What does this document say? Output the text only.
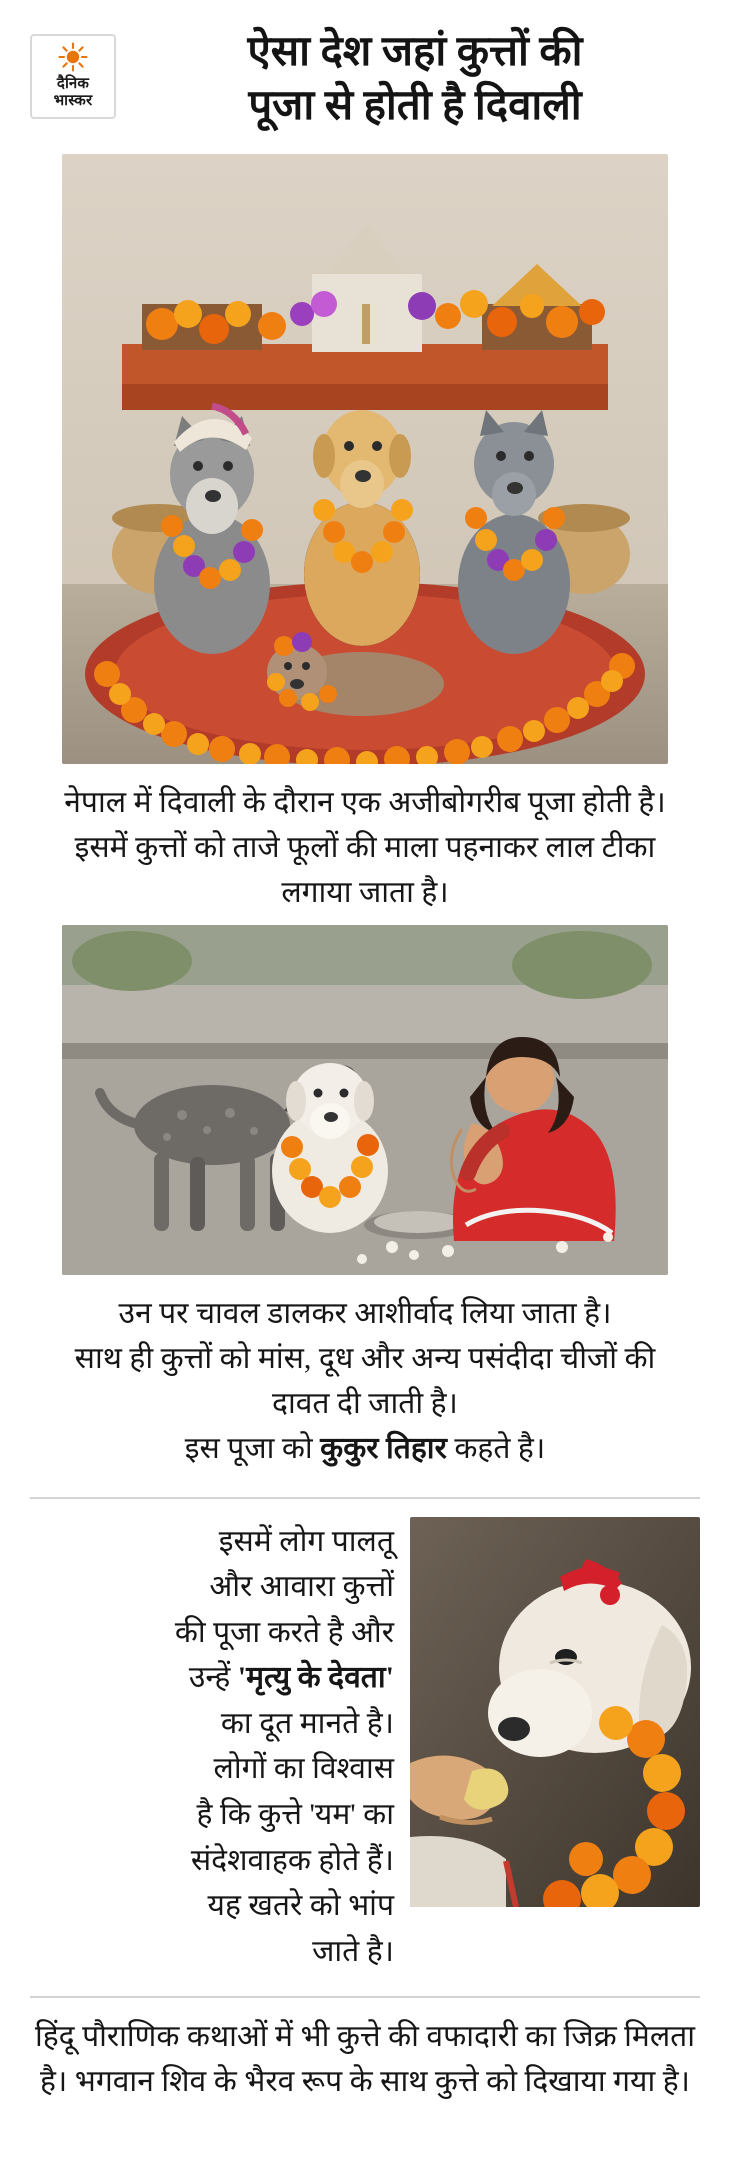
दैनिक
भास्कर
ऐसा देश जहां कुत्तों की
पूजा से होती है दिवाली
नेपाल में दिवाली के दौरान एक अजीबोगरीब पूजा होती है। इसमें कुत्तों को ताजे फूलों की माला पहनाकर लाल टीका लगाया जाता है।
उन पर चावल डालकर आशीर्वाद लिया जाता है।
साथ ही कुत्तों को मांस, दूध और अन्य पसंदीदा चीजों की दावत दी जाती है।
इस पूजा को कुकुर तिहार कहते है।
इसमें लोग पालतू
और आवारा कुत्तों
की पूजा करते है और
उन्हें 'मृत्यु के देवता'
का दूत मानते है।
लोगों का विश्वास
है कि कुत्ते 'यम' का
संदेशवाहक होते हैं।
यह खतरे को भांप
जाते है।
हिंदू पौराणिक कथाओं में भी कुत्ते की वफादारी का जिक्र मिलता है। भगवान शिव के भैरव रूप के साथ कुत्ते को दिखाया गया है।
